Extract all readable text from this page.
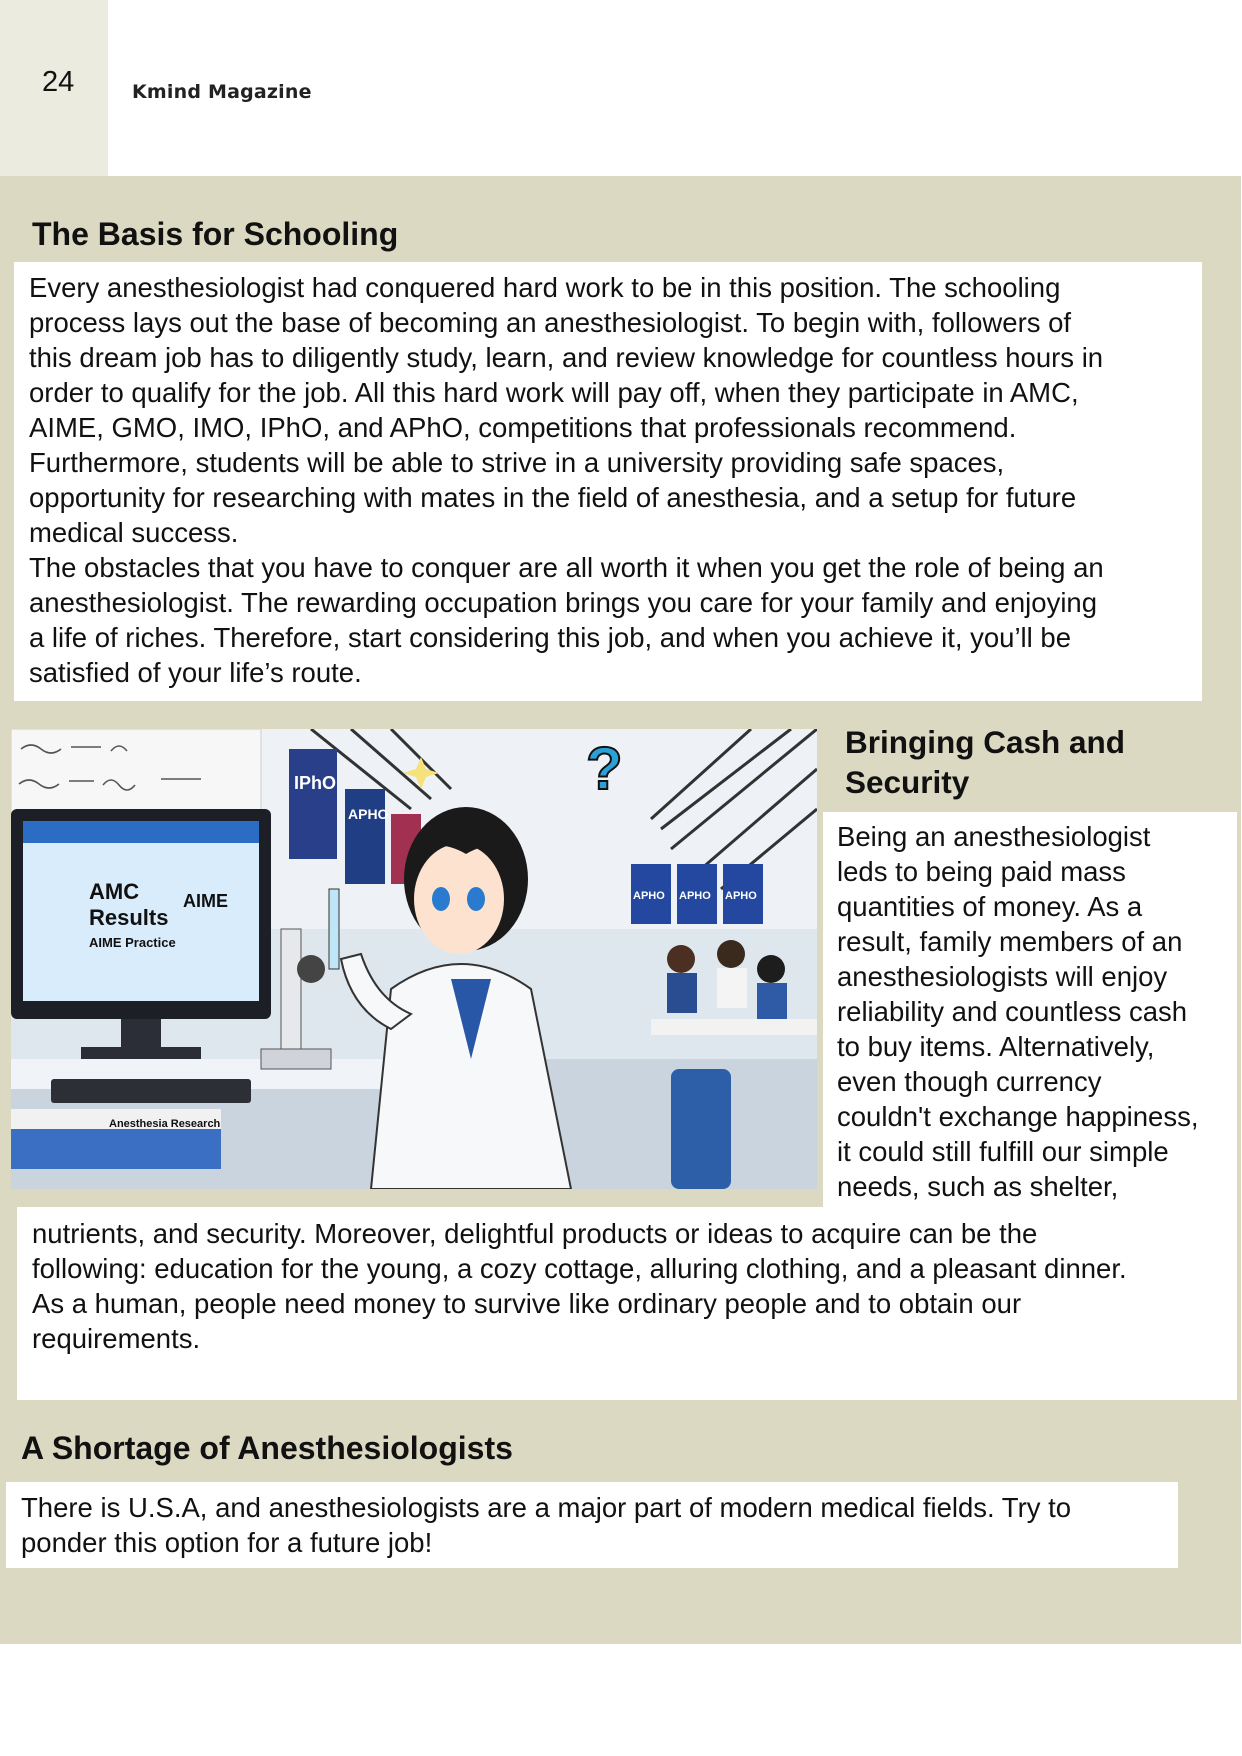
24	Kmind Magazine
The Basis for Schooling
Every anesthesiologist had conquered hard work to be in this position. The schooling
process lays out the base of becoming an anesthesiologist. To begin with, followers of
this dream job has to diligently study, learn, and review knowledge for countless hours in
order to qualify for the job. All this hard work will pay off, when they participate in AMC,
AIME, GMO, IMO, IPhO, and APhO, competitions that professionals recommend.
Furthermore, students will be able to strive in a university providing safe spaces,
opportunity for researching with mates in the field of anesthesia, and a setup for future
medical success.
The obstacles that you have to conquer are all worth it when you get the role of being an
anesthesiologist. The rewarding occupation brings you care for your family and enjoying
a life of riches. Therefore, start considering this job, and when you achieve it, you’ll be
satisfied of your life’s route.
IPhO
APHO
APHO APHO APHO
?
AMC
Results
AIME Practice
AIME
Anesthesia Research
Bringing Cash and
Security
Being an anesthesiologist
leds to being paid mass
quantities of money. As a
result, family members of an
anesthesiologists will enjoy
reliability and countless cash
to buy items. Alternatively,
even though currency
couldn't exchange happiness,
it could still fulfill our simple
needs, such as shelter,
nutrients, and security. Moreover, delightful products or ideas to acquire can be the
following: education for the young, a cozy cottage, alluring clothing, and a pleasant dinner.
As a human, people need money to survive like ordinary people and to obtain our
requirements.
A Shortage of Anesthesiologists
There is U.S.A, and anesthesiologists are a major part of modern medical fields. Try to
ponder this option for a future job!
